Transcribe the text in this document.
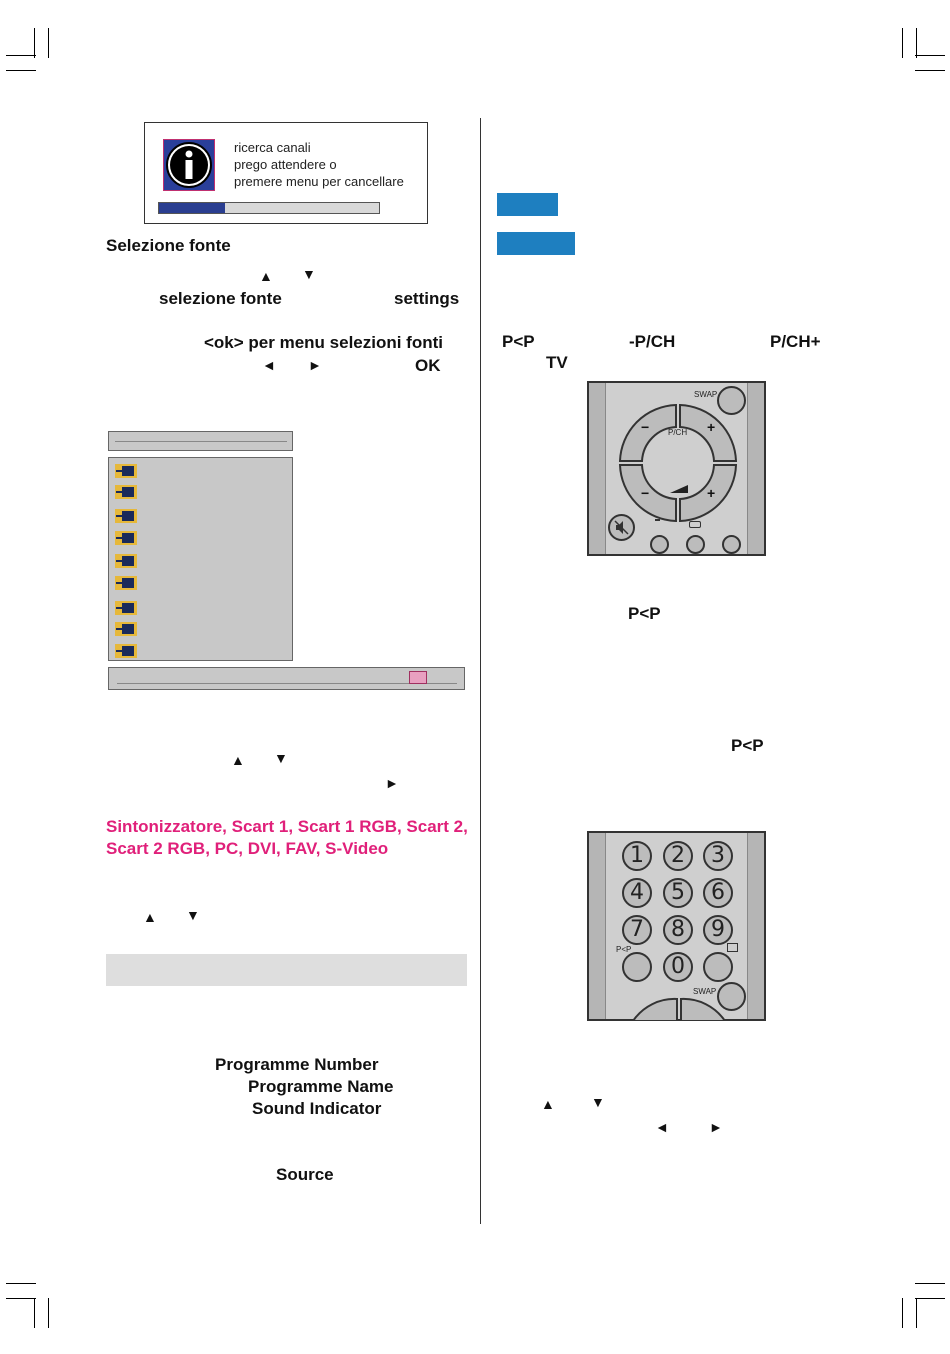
ricerca canali
prego attendere o
premere menu per cancellare
Selezione fonte
▲ ▼
selezione fonte	settings
<ok> per menu selezioni fonti
◄ ►	OK
▲ ▼
►
Sintonizzatore, Scart 1, Scart 1 RGB, Scart 2, Scart 2 RGB, PC, DVI, FAV, S-Video
▲ ▼
Programme Number
Programme Name
Sound Indicator
Source
P<P	-P/CH	P/CH+
TV
SWAP
P/CH
−	+
−	+
P<P
P<P
1	2	3
4	5	6
7	8	9
P<P
0
SWAP
▲	▼
◄	►
